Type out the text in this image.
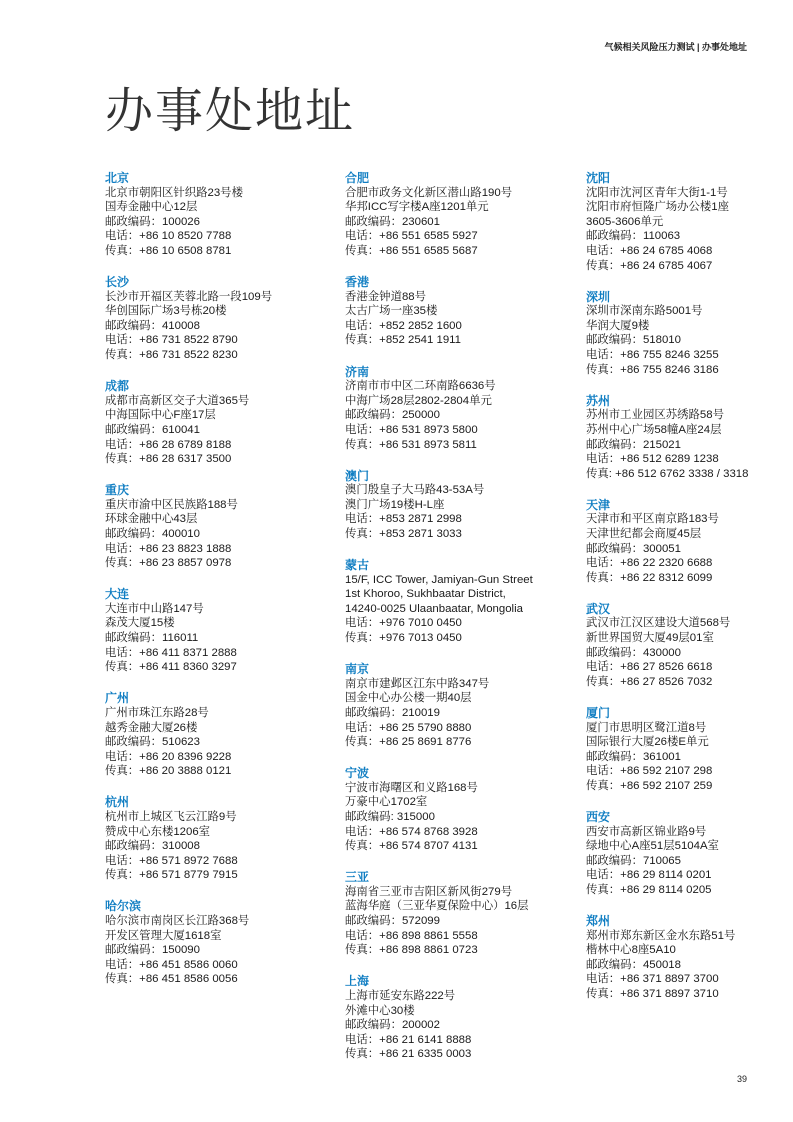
气候相关风险压力测试 | 办事处地址
办事处地址
北京
北京市朝阳区针织路23号楼
国寿金融中心12层
邮政编码：100026
电话：+86 10 8520 7788
传真：+86 10 6508 8781
长沙
长沙市开福区芙蓉北路一段109号
华创国际广场3号栋20楼
邮政编码：410008
电话：+86 731 8522 8790
传真：+86 731 8522 8230
成都
成都市高新区交子大道365号
中海国际中心F座17层
邮政编码：610041
电话：+86 28 6789 8188
传真：+86 28 6317 3500
重庆
重庆市渝中区民族路188号
环球金融中心43层
邮政编码：400010
电话：+86 23 8823 1888
传真：+86 23 8857 0978
大连
大连市中山路147号
森茂大厦15楼
邮政编码：116011
电话：+86 411 8371 2888
传真：+86 411 8360 3297
广州
广州市珠江东路28号
越秀金融大厦26楼
邮政编码：510623
电话：+86 20 8396 9228
传真：+86 20 3888 0121
杭州
杭州市上城区飞云江路9号
赞成中心东楼1206室
邮政编码：310008
电话：+86 571 8972 7688
传真：+86 571 8779 7915
哈尔滨
哈尔滨市南岗区长江路368号
开发区管理大厦1618室
邮政编码：150090
电话：+86 451 8586 0060
传真：+86 451 8586 0056
合肥
合肥市政务文化新区潜山路190号
华邦ICC写字楼A座1201单元
邮政编码：230601
电话：+86 551 6585 5927
传真：+86 551 6585 5687
香港
香港金钟道88号
太古广场一座35楼
电话：+852 2852 1600
传真：+852 2541 1911
济南
济南市市中区二环南路6636号
中海广场28层2802-2804单元
邮政编码：250000
电话：+86 531 8973 5800
传真：+86 531 8973 5811
澳门
澳门殷皇子大马路43-53A号
澳门广场19楼H-L座
电话：+853 2871 2998
传真：+853 2871 3033
蒙古
15/F, ICC Tower, Jamiyan-Gun Street
1st Khoroo, Sukhbaatar District,
14240-0025 Ulaanbaatar, Mongolia
电话：+976 7010 0450
传真：+976 7013 0450
南京
南京市建邺区江东中路347号
国金中心办公楼一期40层
邮政编码：210019
电话：+86 25 5790 8880
传真：+86 25 8691 8776
宁波
宁波市海曙区和义路168号
万豪中心1702室
邮政编码: 315000
电话：+86 574 8768 3928
传真：+86 574 8707 4131
三亚
海南省三亚市吉阳区新风街279号
蓝海华庭（三亚华夏保险中心）16层
邮政编码：572099
电话：+86 898 8861 5558
传真：+86 898 8861 0723
上海
上海市延安东路222号
外滩中心30楼
邮政编码：200002
电话：+86 21 6141 8888
传真：+86 21 6335 0003
沈阳
沈阳市沈河区青年大街1-1号
沈阳市府恒隆广场办公楼1座
3605-3606单元
邮政编码：110063
电话：+86 24 6785 4068
传真：+86 24 6785 4067
深圳
深圳市深南东路5001号
华润大厦9楼
邮政编码：518010
电话：+86 755 8246 3255
传真：+86 755 8246 3186
苏州
苏州市工业园区苏绣路58号
苏州中心广场58幢A座24层
邮政编码：215021
电话：+86 512 6289 1238
传真: +86 512 6762 3338 / 3318
天津
天津市和平区南京路183号
天津世纪都会商厦45层
邮政编码：300051
电话：+86 22 2320 6688
传真：+86 22 8312 6099
武汉
武汉市江汉区建设大道568号
新世界国贸大厦49层01室
邮政编码：430000
电话：+86 27 8526 6618
传真：+86 27 8526 7032
厦门
厦门市思明区鹭江道8号
国际银行大厦26楼E单元
邮政编码：361001
电话：+86 592 2107 298
传真：+86 592 2107 259
西安
西安市高新区锦业路9号
绿地中心A座51层5104A室
邮政编码：710065
电话：+86 29 8114 0201
传真：+86 29 8114 0205
郑州
郑州市郑东新区金水东路51号
楷林中心8座5A10
邮政编码：450018
电话：+86 371 8897 3700
传真：+86 371 8897 3710
39
